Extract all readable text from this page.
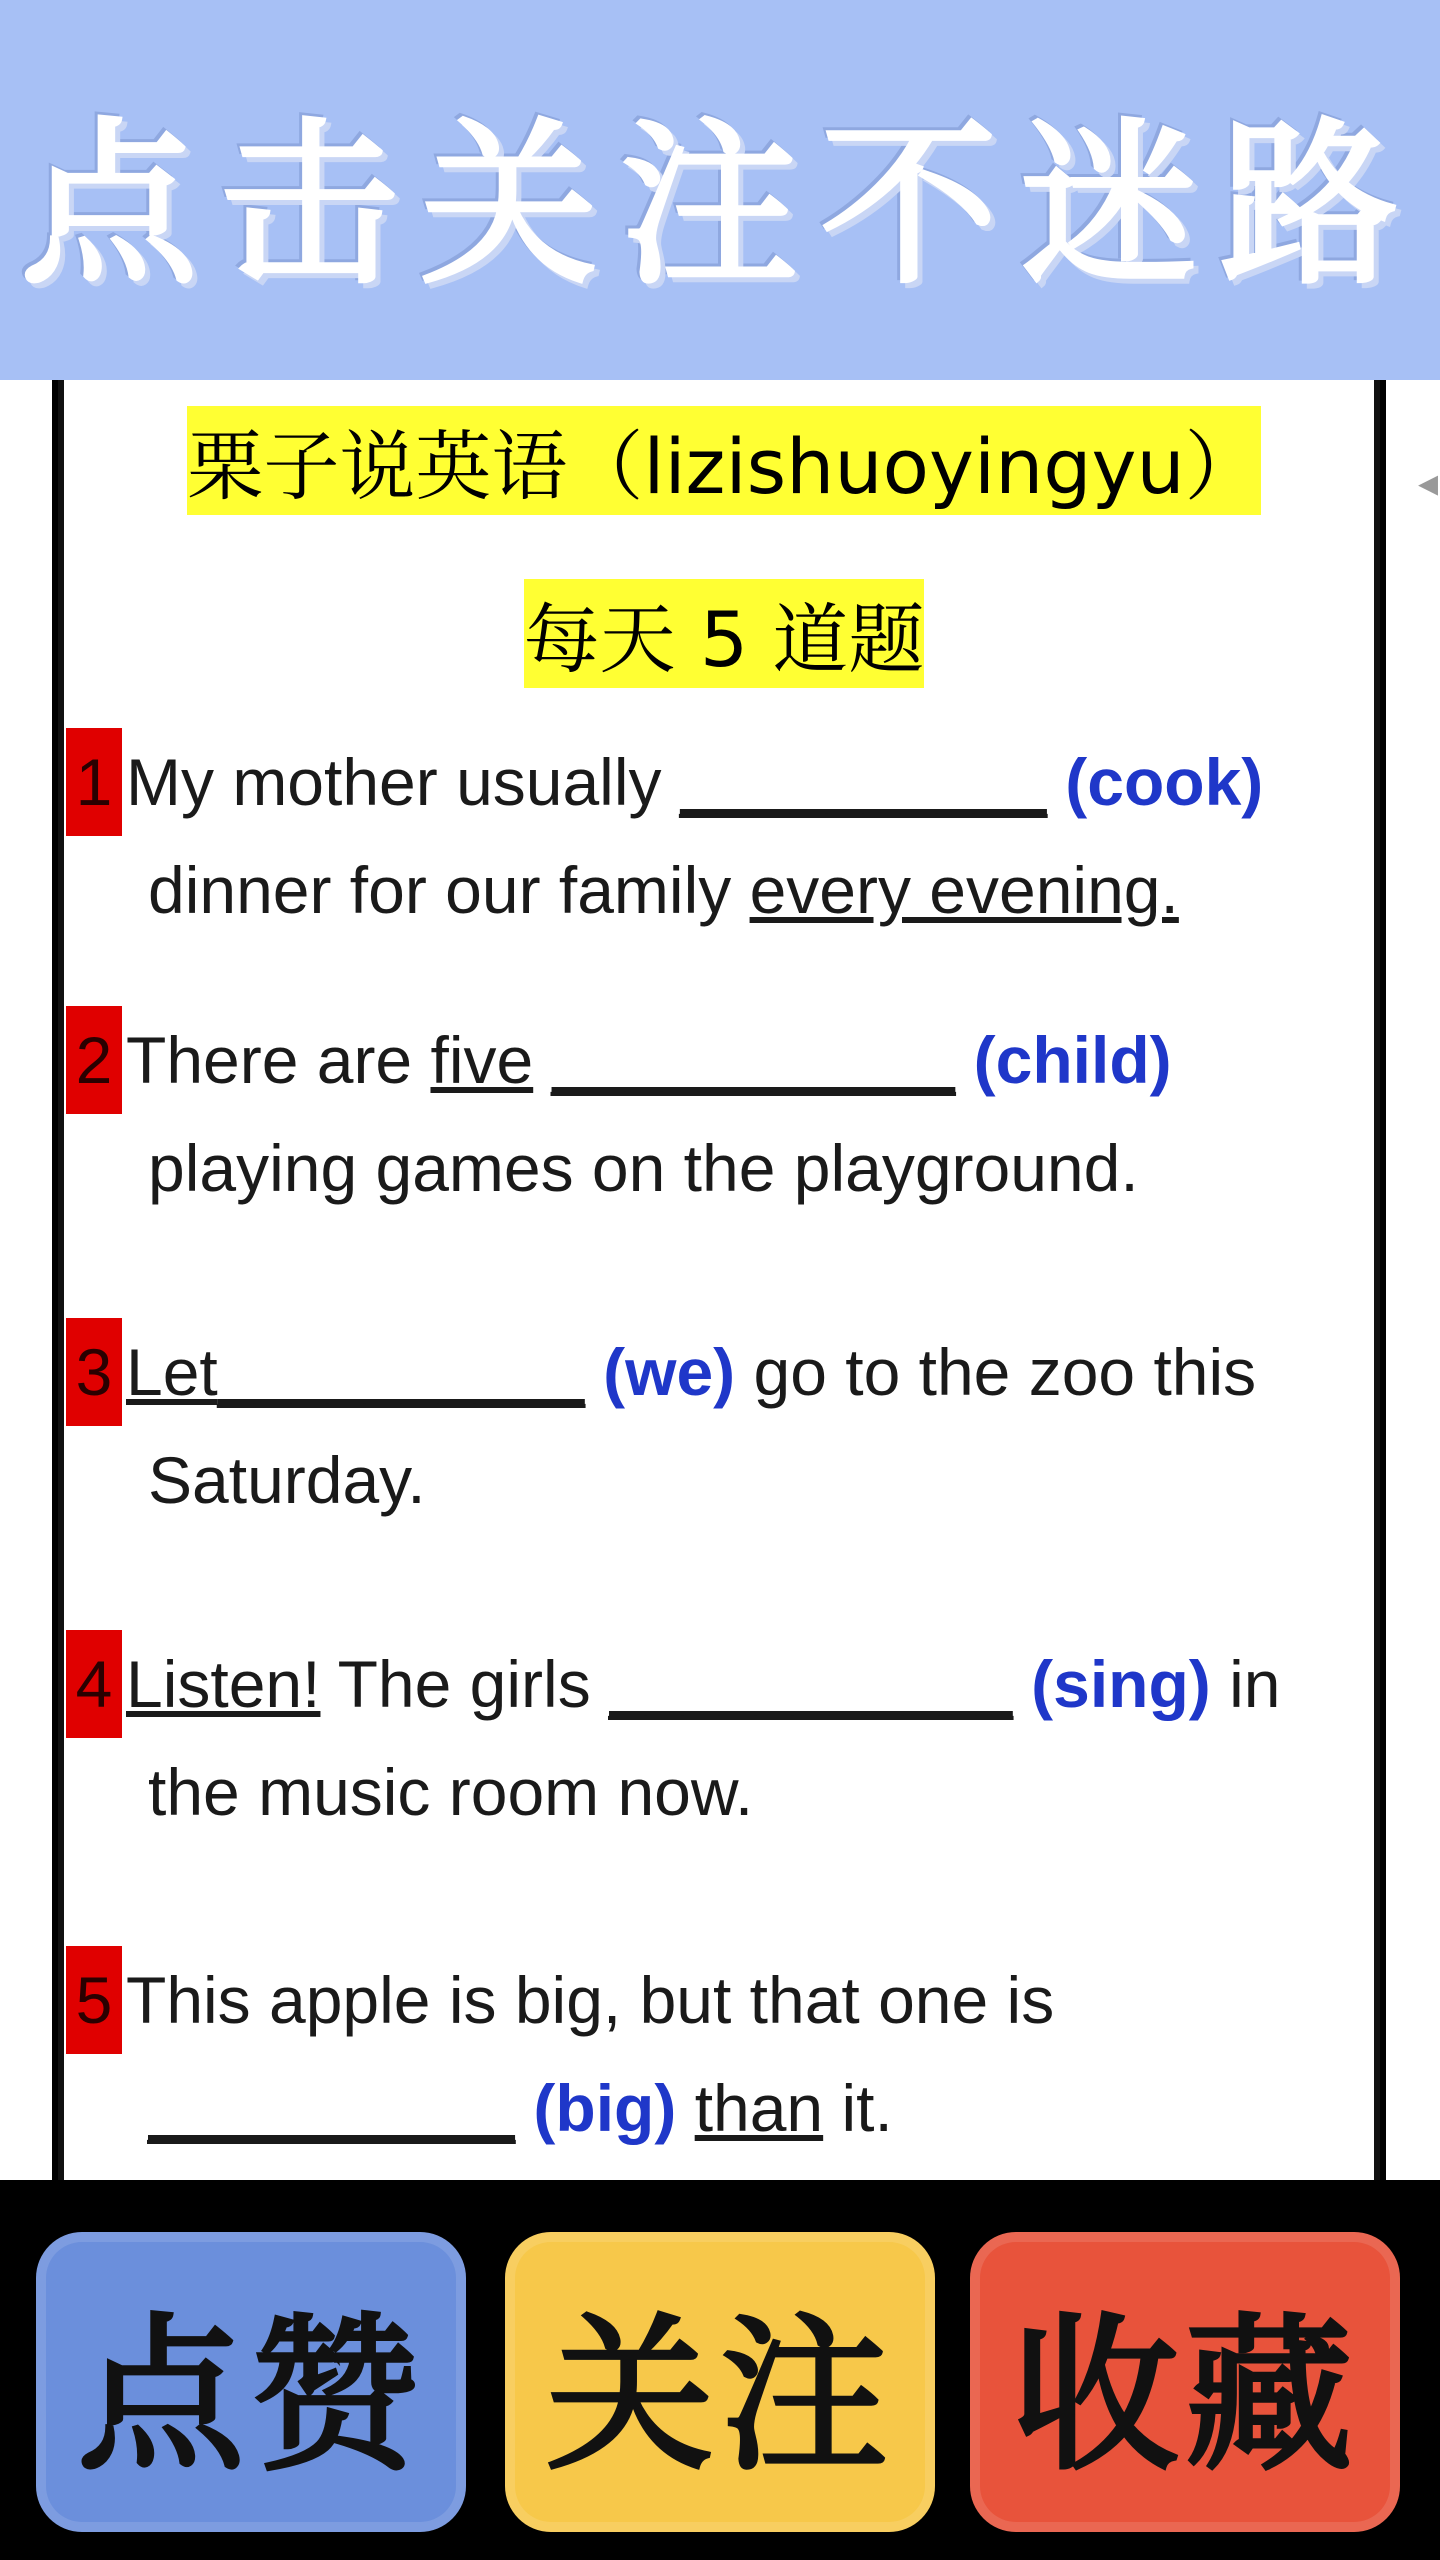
点击关注不迷路
栗子说英语（lizishuoyingyu）
每天 5 道题
1 My mother usually __________ (cook)
dinner for our family every evening.
2 There are five ___________ (child)
playing games on the playground.
3 Let__________ (we) go to the zoo this
Saturday.
4 Listen! The girls ___________ (sing) in
the music room now.
5 This apple is big, but that one is
__________ (big) than it.
◂
点赞 关注 收藏
